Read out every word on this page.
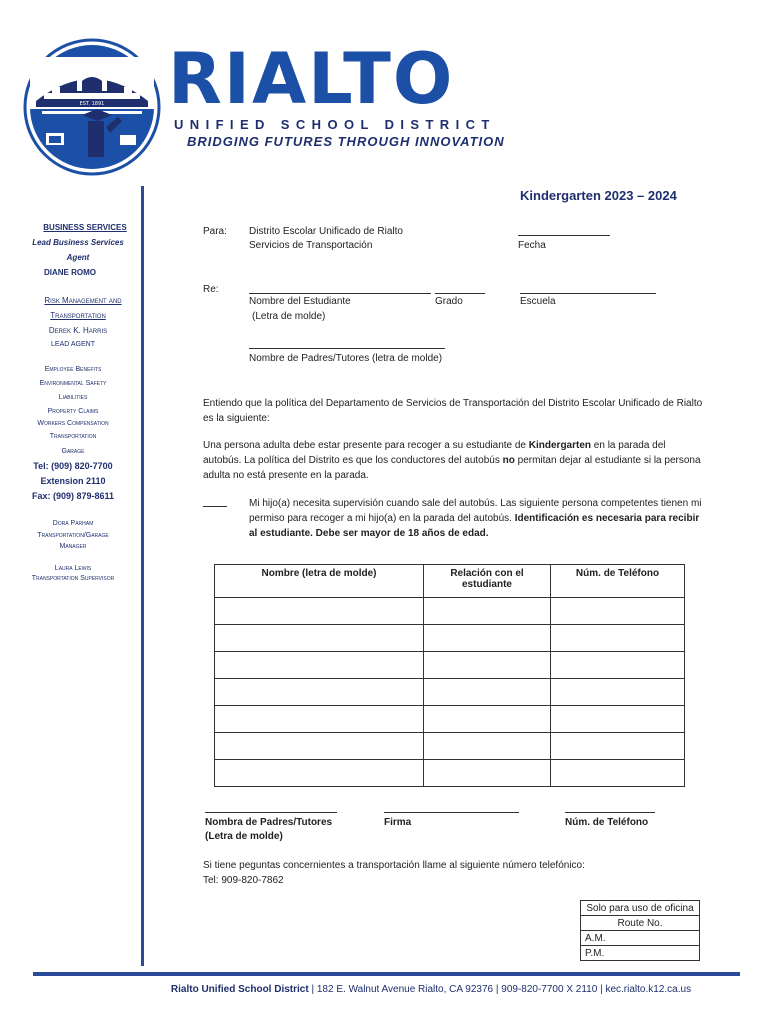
EST. 1891 RIALTO
UNIFIED SCHOOL DISTRICT
BRIDGING FUTURES THROUGH INNOVATION
BUSINESS SERVICES
Lead Business Services
Agent
DIANE ROMO
Risk Management and
Transportation
Derek K. Harris
LEAD AGENT
Employee Benefits
Environmental Safety
Liabilities
Property Claims
Workers Compensation
Transportation
Garage
Tel: (909) 820-7700
Extension 2110
Fax: (909) 879-8611
Dora Parham
Transportation/Garage
Manager
Laura Lewis
Transportation Supervisor
Kindergarten 2023 – 2024
Para: Distrito Escolar Unificado de Rialto
Servicios de Transportación	Fecha
Re:
Nombre del Estudiante	Grado	Escuela
(Letra de molde)
Nombre de Padres/Tutores (letra de molde)
Entiendo que la política del Departamento de Servicios de Transportación del Distrito Escolar Unificado de Rialto es la siguiente:
Una persona adulta debe estar presente para recoger a su estudiante de Kindergarten en la parada del autobús. La política del Distrito es que los conductores del autobús no permitan dejar al estudiante si la persona adulta no está presente en la parada.
Mi hijo(a) necesita supervisión cuando sale del autobús. Las siguiente persona competentes tienen mi permiso para recoger a mi hijo(a) en la parada del autobús. Identificación es necesaria para recibir al estudiante. Debe ser mayor de 18 años de edad.
Nombre (letra de molde)	Relación con el estudiante	Núm. de Teléfono

Nombra de Padres/Tutores
(Letra de molde)
Firma	Núm. de Teléfono
Si tiene peguntas concernientes a transportación llame al siguiente número telefónico:
Tel: 909-820-7862
Solo para uso de oficina
Route No.
A.M.
P.M.
Rialto Unified School District | 182 E. Walnut Avenue Rialto, CA 92376 | 909-820-7700 X 2110 | kec.rialto.k12.ca.us
